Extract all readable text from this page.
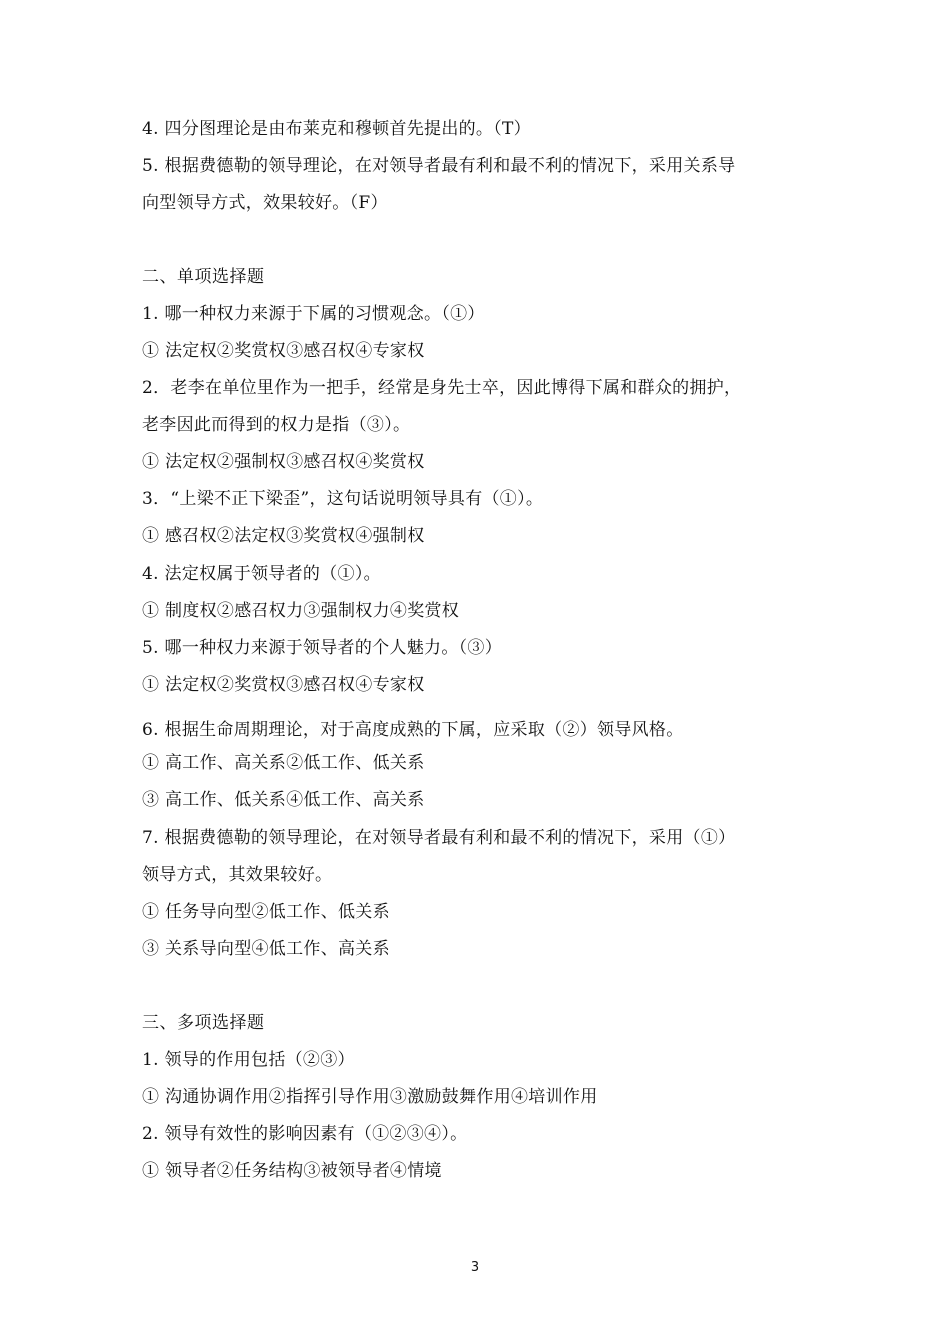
4. 四分图理论是由布莱克和穆顿首先提出的。（T）
5. 根据费德勒的领导理论，在对领导者最有利和最不利的情况下，采用关系导
向型领导方式，效果较好。（F）
二、单项选择题
1. 哪一种权力来源于下属的习惯观念。（①）
① 法定权②奖赏权③感召权④专家权
2．老李在单位里作为一把手，经常是身先士卒，因此博得下属和群众的拥护，
老李因此而得到的权力是指（③）。
① 法定权②强制权③感召权④奖赏权
3．“上梁不正下梁歪”，这句话说明领导具有（①）。
① 感召权②法定权③奖赏权④强制权
4. 法定权属于领导者的（①）。
① 制度权②感召权力③强制权力④奖赏权
5. 哪一种权力来源于领导者的个人魅力。（③）
① 法定权②奖赏权③感召权④专家权
6. 根据生命周期理论，对于高度成熟的下属，应采取（②）领导风格。
① 高工作、高关系②低工作、低关系
③ 高工作、低关系④低工作、高关系
7. 根据费德勒的领导理论，在对领导者最有利和最不利的情况下，采用（①）
领导方式，其效果较好。
① 任务导向型②低工作、低关系
③ 关系导向型④低工作、高关系
三、多项选择题
1. 领导的作用包括（②③）
① 沟通协调作用②指挥引导作用③激励鼓舞作用④培训作用
2. 领导有效性的影响因素有（①②③④）。
① 领导者②任务结构③被领导者④情境
3
